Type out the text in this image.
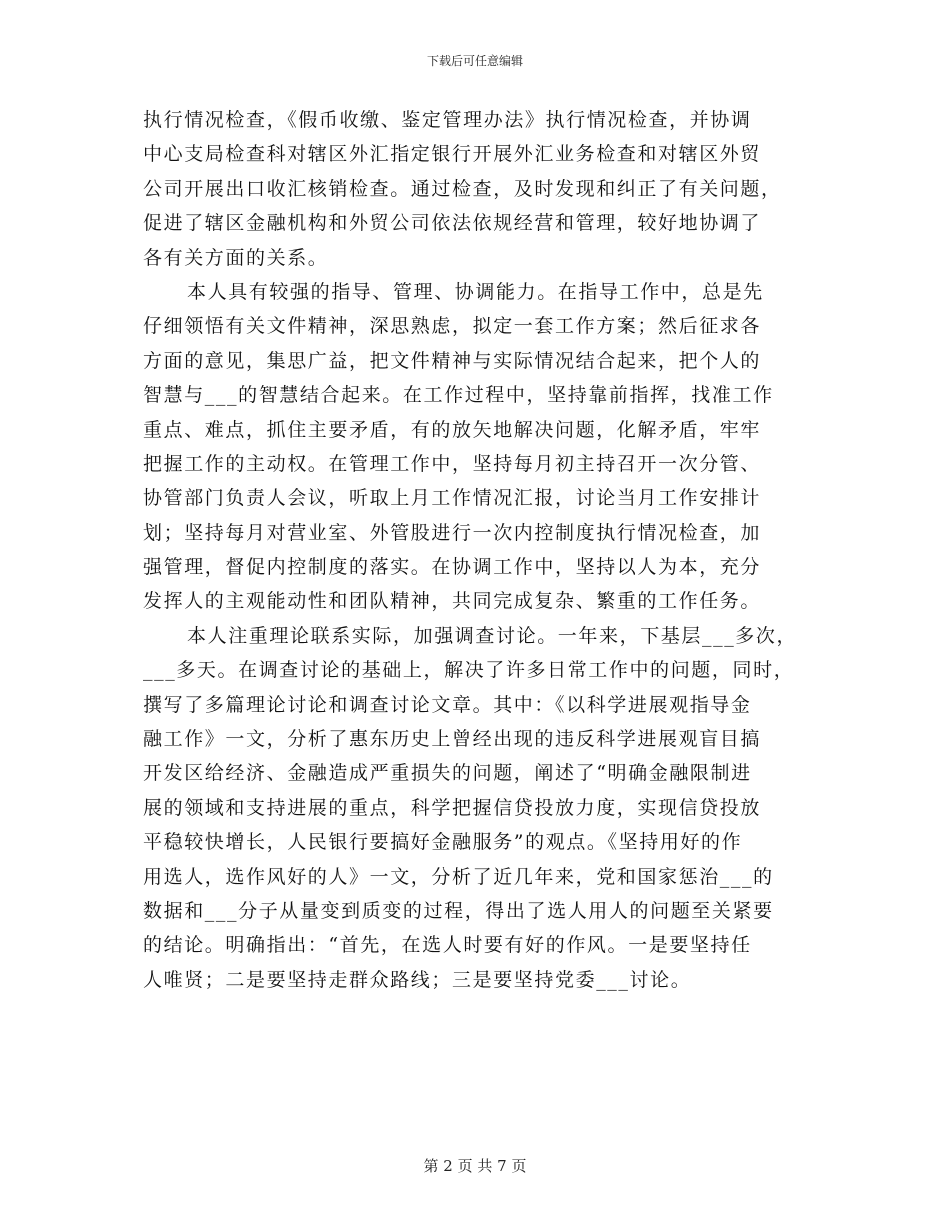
下载后可任意编辑
执行情况检查，《假币收缴、鉴定管理办法》执行情况检查，并协调
中心支局检查科对辖区外汇指定银行开展外汇业务检查和对辖区外贸
公司开展出口收汇核销检查。通过检查，及时发现和纠正了有关问题，
促进了辖区金融机构和外贸公司依法依规经营和管理，较好地协调了
各有关方面的关系。
本人具有较强的指导、管理、协调能力。在指导工作中，总是先
仔细领悟有关文件精神，深思熟虑，拟定一套工作方案；然后征求各
方面的意见，集思广益，把文件精神与实际情况结合起来，把个人的
智慧与___的智慧结合起来。在工作过程中，坚持靠前指挥，找准工作
重点、难点，抓住主要矛盾，有的放矢地解决问题，化解矛盾，牢牢
把握工作的主动权。在管理工作中，坚持每月初主持召开一次分管、
协管部门负责人会议，听取上月工作情况汇报，讨论当月工作安排计
划；坚持每月对营业室、外管股进行一次内控制度执行情况检查，加
强管理，督促内控制度的落实。在协调工作中，坚持以人为本，充分
发挥人的主观能动性和团队精神，共同完成复杂、繁重的工作任务。
本人注重理论联系实际，加强调查讨论。一年来，下基层___多次，
___多天。在调查讨论的基础上，解决了许多日常工作中的问题，同时，
撰写了多篇理论讨论和调查讨论文章。其中：《以科学进展观指导金
融工作》一文，分析了惠东历史上曾经出现的违反科学进展观盲目搞
开发区给经济、金融造成严重损失的问题，阐述了“明确金融限制进
展的领域和支持进展的重点，科学把握信贷投放力度，实现信贷投放
平稳较快增长，人民银行要搞好金融服务”的观点。《坚持用好的作
用选人，选作风好的人》一文，分析了近几年来，党和国家惩治___的
数据和___分子从量变到质变的过程，得出了选人用人的问题至关紧要
的结论。明确指出：“首先，在选人时要有好的作风。一是要坚持任
人唯贤；二是要坚持走群众路线；三是要坚持党委___讨论。
第 2 页 共 7 页
